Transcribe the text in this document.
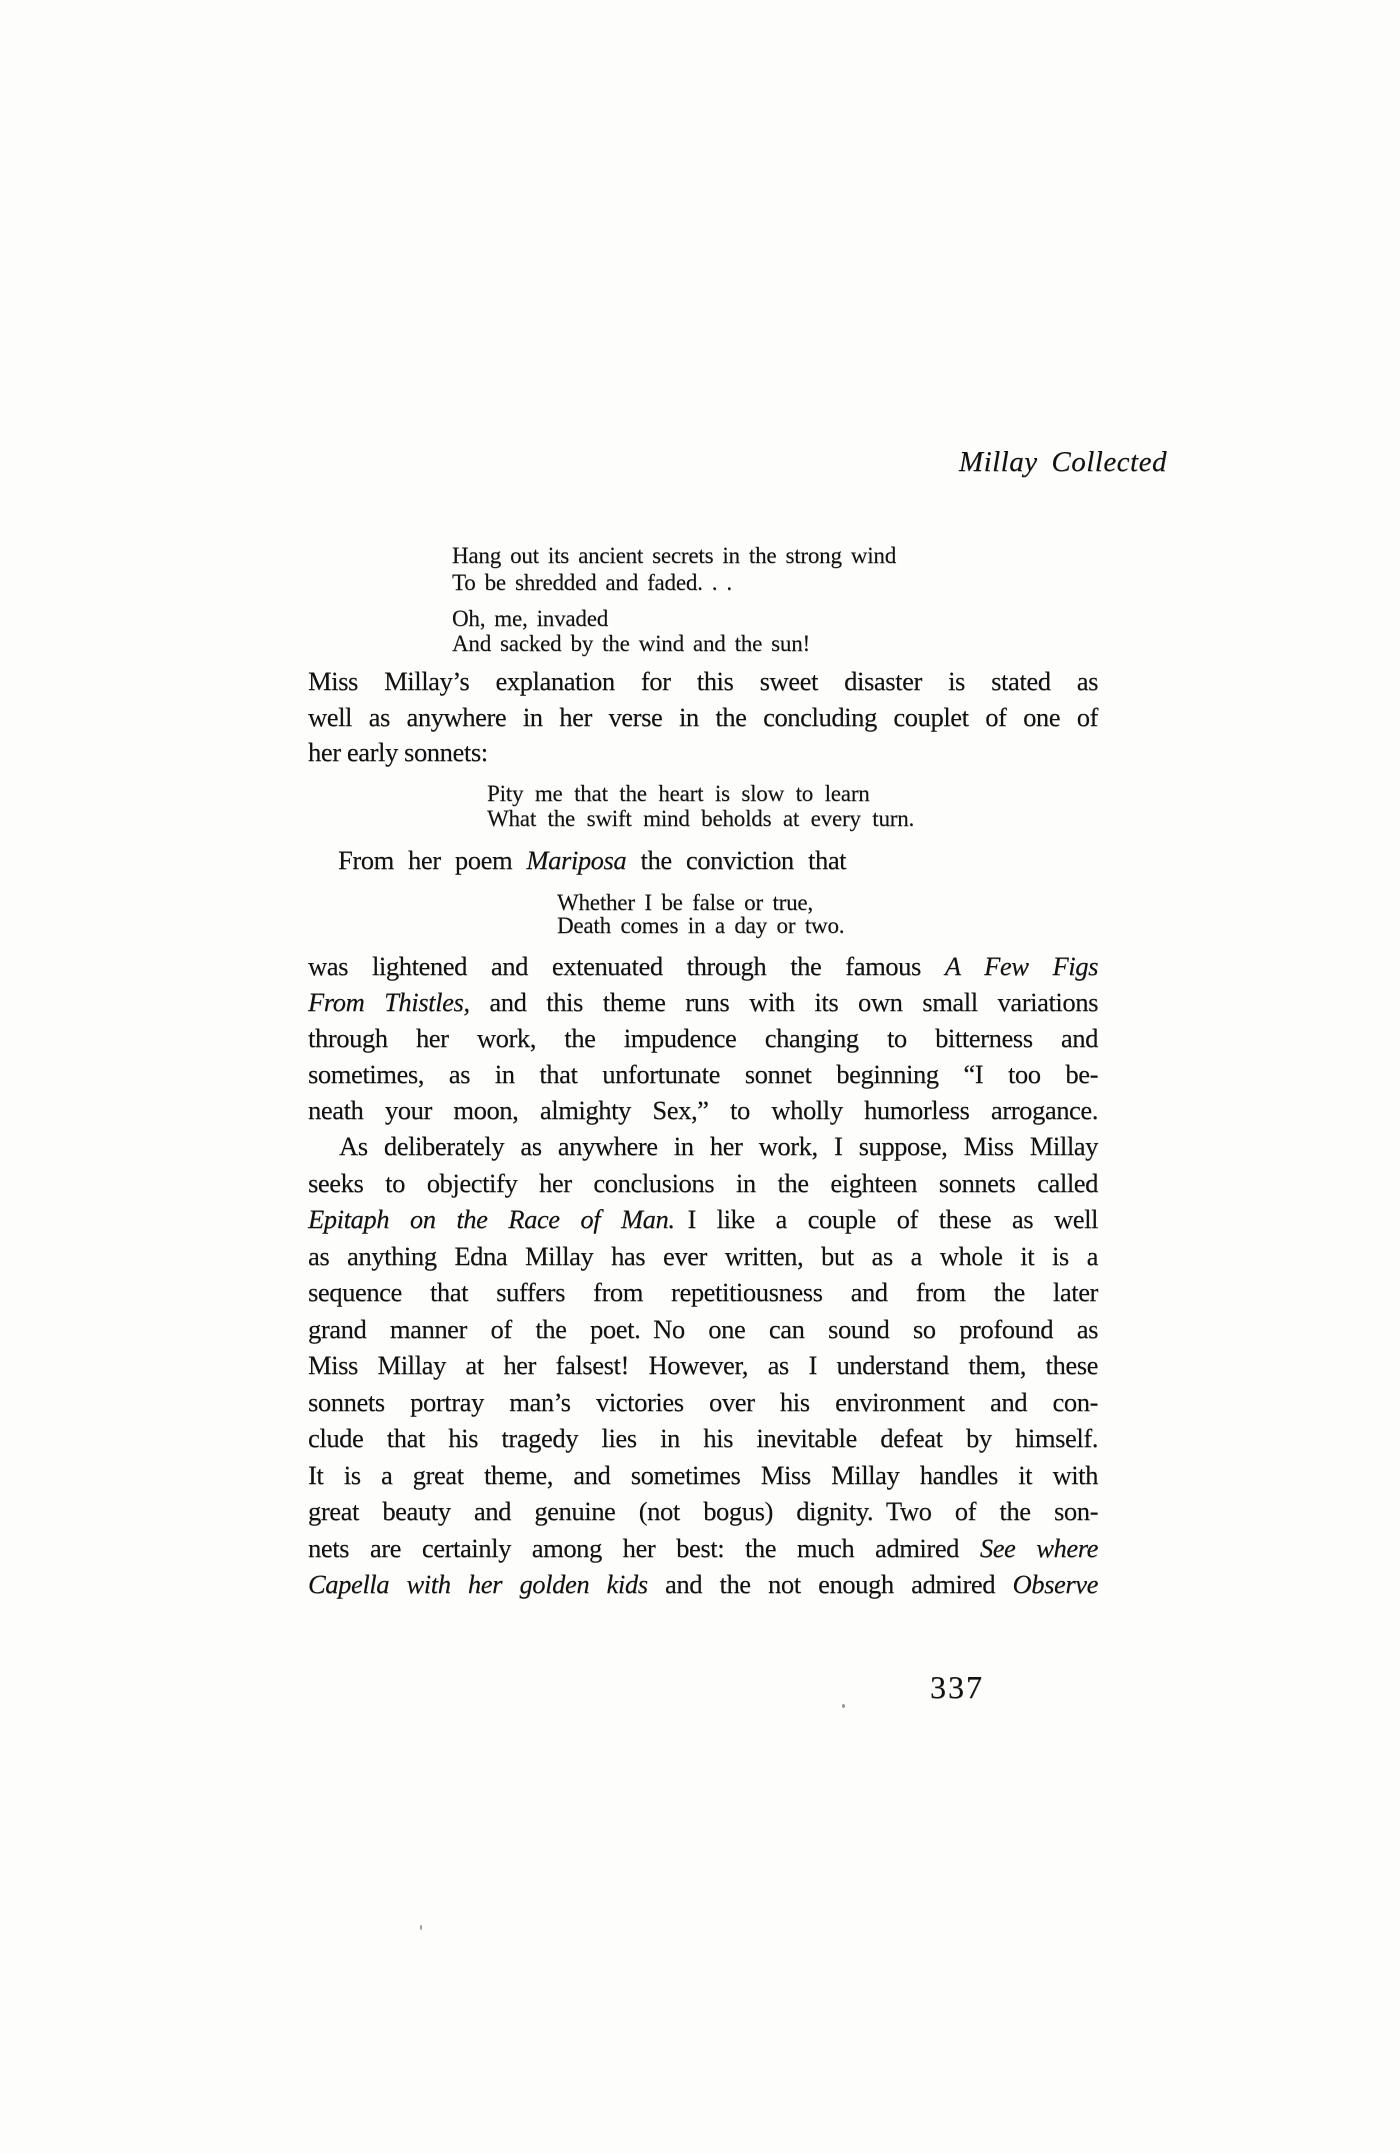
Millay Collected
Hang out its ancient secrets in the strong wind
To be shredded and faded. . .
Oh, me, invaded
And sacked by the wind and the sun!
Miss Millay’s explanation for this sweet disaster is stated as
well as anywhere in her verse in the concluding couplet of one of
her early sonnets:
Pity me that the heart is slow to learn
What the swift mind beholds at every turn.
From her poem Mariposa the conviction that
Whether I be false or true,
Death comes in a day or two.
was lightened and extenuated through the famous A Few Figs
From Thistles, and this theme runs with its own small variations
through her work, the impudence changing to bitterness and
sometimes, as in that unfortunate sonnet beginning “I too be-
neath your moon, almighty Sex,” to wholly humorless arrogance.
As deliberately as anywhere in her work, I suppose, Miss Millay
seeks to objectify her conclusions in the eighteen sonnets called
Epitaph on the Race of Man. I like a couple of these as well
as anything Edna Millay has ever written, but as a whole it is a
sequence that suffers from repetitiousness and from the later
grand manner of the poet. No one can sound so profound as
Miss Millay at her falsest! However, as I understand them, these
sonnets portray man’s victories over his environment and con-
clude that his tragedy lies in his inevitable defeat by himself.
It is a great theme, and sometimes Miss Millay handles it with
great beauty and genuine (not bogus) dignity. Two of the son-
nets are certainly among her best: the much admired See where
Capella with her golden kids and the not enough admired Observe
337
